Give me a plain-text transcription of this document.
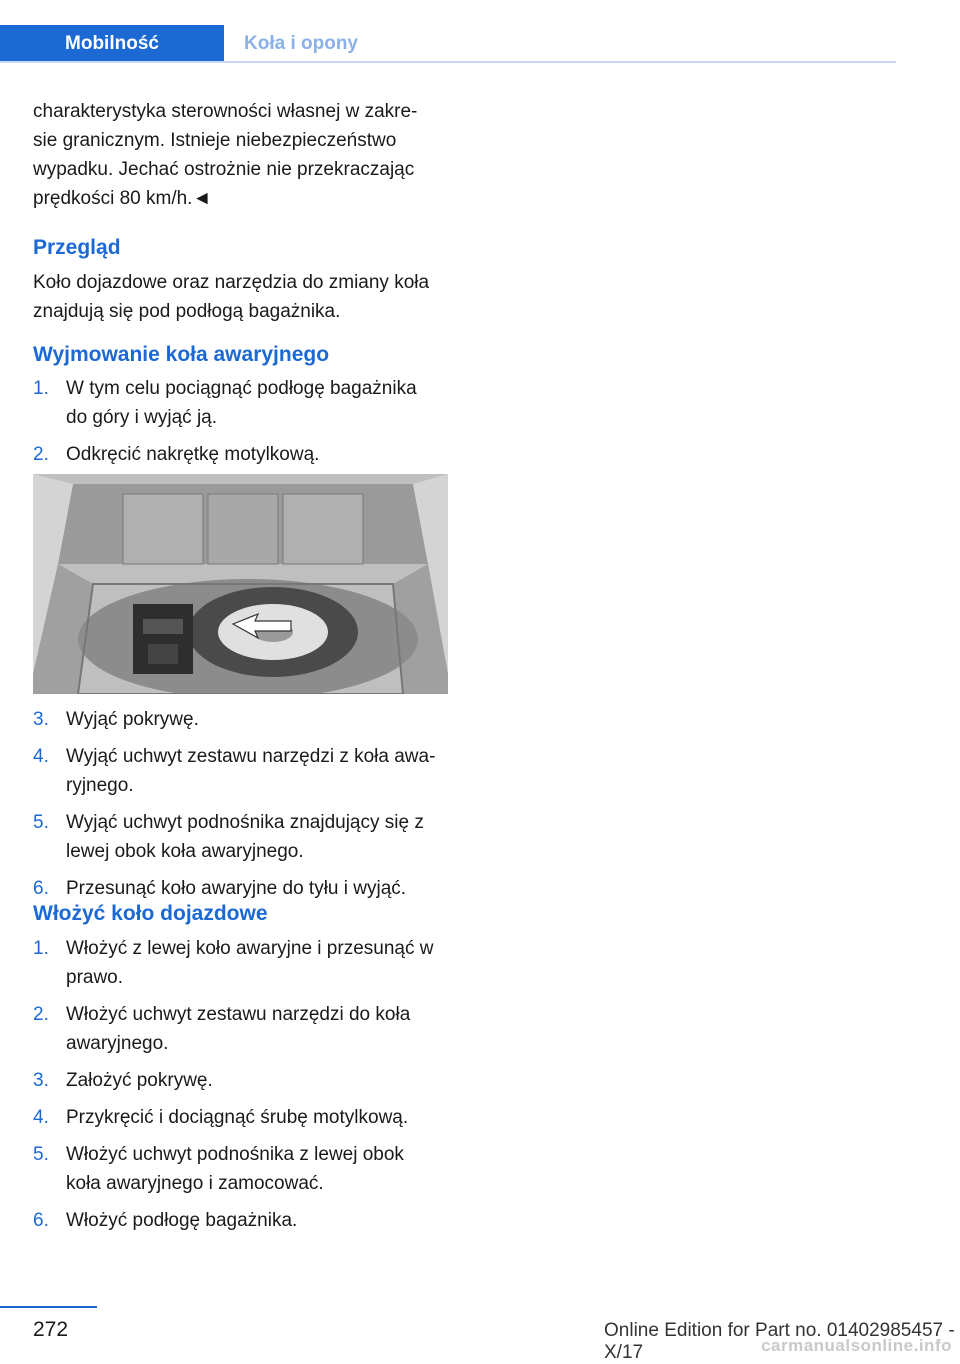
Mobilność	Koła i opony

charakterystyka sterowności własnej w zakre‐

sie granicznym. Istnieje niebezpieczeństwo

wypadku. Jechać ostrożnie nie przekraczając

prędkości 80 km/h.◄

Przegląd

Koło dojazdowe oraz narzędzia do zmiany koła

znajdują się pod podłogą bagażnika.

Wyjmowanie koła awaryjnego
1. W tym celu pociągnąć podłogę bagażnika
do góry i wyjąć ją.
2. Odkręcić nakrętkę motylkową.
3. Wyjąć pokrywę.
4. Wyjąć uchwyt zestawu narzędzi z koła awa‐
ryjnego.
5. Wyjąć uchwyt podnośnika znajdujący się z
lewej obok koła awaryjnego.
6. Przesunąć koło awaryjne do tyłu i wyjąć.
Włożyć koło dojazdowe
1. Włożyć z lewej koło awaryjne i przesunąć w
prawo.
2. Włożyć uchwyt zestawu narzędzi do koła
awaryjnego.
3. Założyć pokrywę.
4. Przykręcić i dociągnąć śrubę motylkową.
5. Włożyć uchwyt podnośnika z lewej obok
koła awaryjnego i zamocować.
6. Włożyć podłogę bagażnika.
272	Online Edition for Part no. 01402985457 - X/17	carmanualsonline.info
